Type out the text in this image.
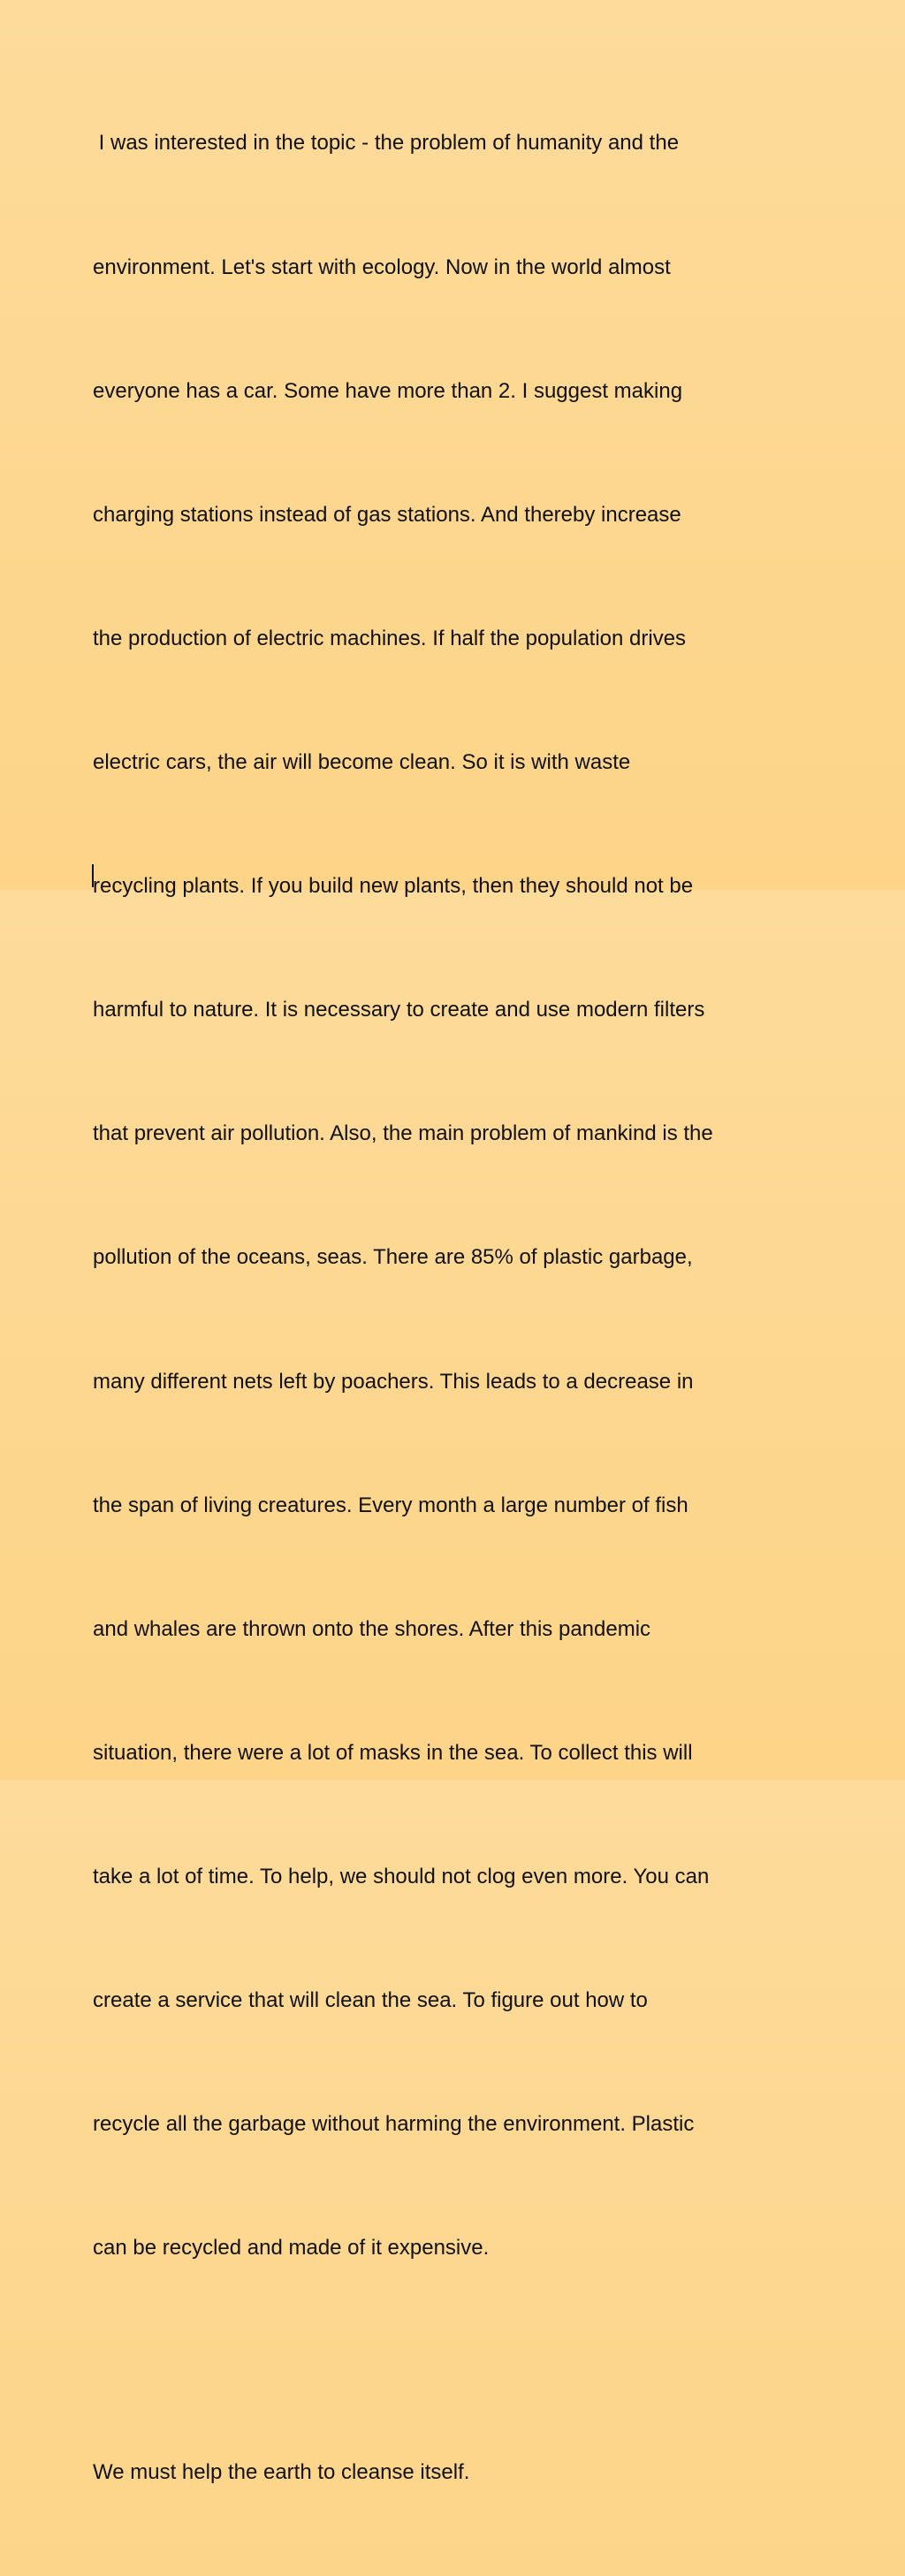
I was interested in the topic - the problem of humanity and the

environment. Let's start with ecology. Now in the world almost

everyone has a car. Some have more than 2. I suggest making

charging stations instead of gas stations. And thereby increase

the production of electric machines. If half the population drives

electric cars, the air will become clean. So it is with waste

recycling plants. If you build new plants, then they should not be

harmful to nature. It is necessary to create and use modern filters

that prevent air pollution. Also, the main problem of mankind is the

pollution of the oceans, seas. There are 85% of plastic garbage,

many different nets left by poachers. This leads to a decrease in

the span of living creatures. Every month a large number of fish

and whales are thrown onto the shores. After this pandemic

situation, there were a lot of masks in the sea. To collect this will

take a lot of time. To help, we should not clog even more. You can

create a service that will clean the sea. To figure out how to

recycle all the garbage without harming the environment. Plastic

can be recycled and made of it expensive.

We must help the earth to cleanse itself.
